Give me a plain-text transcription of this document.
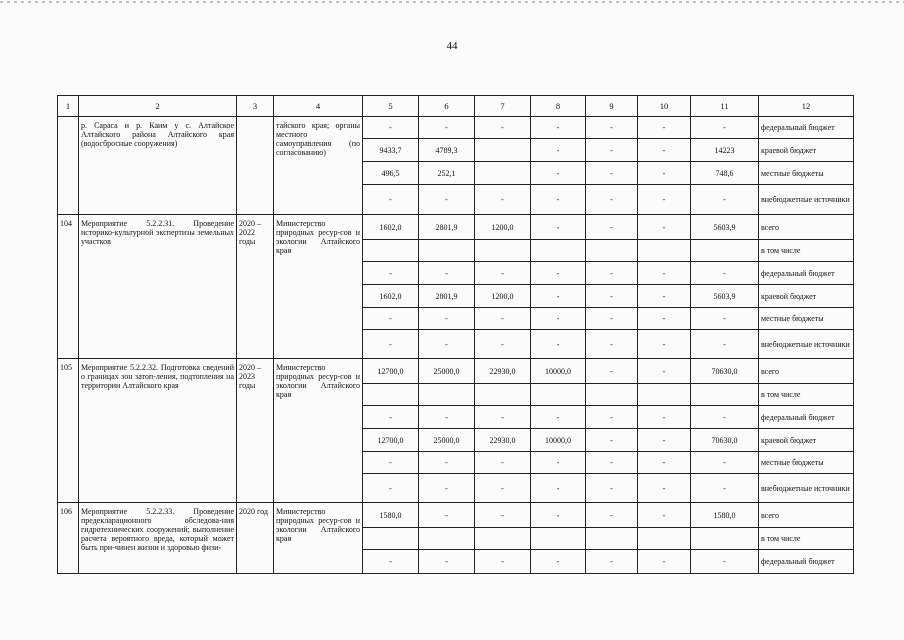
44
1	2	3	4	5	6	7	8	9	10	11	12
	р. Сараса и р. Каим у с. Алтайское Алтайского района Алтайского края (водосбросные сооружения)		тайского края; органы местного самоуправления (по согласованию)	-	-	-	-	-	-	-	федеральный бюджет
				9433,7	4789,3		-	-	-	14223	краевой бюджет
				496,5	252,1		-	-	-	748,6	местные бюджеты
				-	-	-	-	-	-	-	внебюджетные источники
104	Мероприятие 5.2.2.31. Проведение историко-культурной экспертизы земельных участков	2020 – 2022 годы	Министерство природных ресур-сов и экологии Алтайского края	1602,0	2801,9	1200,0	-	-	-	5603,9	всего
											в том числе
				-	-	-	-	-	-	-	федеральный бюджет
				1602,0	2801,9	1200,0	-	-	-	5603,9	краевой бюджет
				-	-	-	-	-	-	-	местные бюджеты
				-	-	-	-	-	-	-	внебюджетные источники
105	Мероприятие 5.2.2.32. Подготовка сведений о границах зон затоп-ления, подтопления на территории Алтайского края	2020 – 2023 годы	Министерство природных ресур-сов и экологии Алтайского края	12700,0	25000,0	22930,0	10000,0	-	-	70630,0	всего
											в том числе
				-	-	-	-	-	-	-	федеральный бюджет
				12700,0	25000,0	22930,0	10000,0	-	-	70630,0	краевой бюджет
				-	-	-	-	-	-	-	местные бюджеты
				-	-	-	-	-	-	-	внебюджетные источники
106	Мероприятие 5.2.2.33. Проведение предекларационного обследова-ния гидротехнических сооружений; выполнение расчета вероятного вреда, который может быть при-чинен жизни и здоровью физи-	2020 год	Министерство природных ресур-сов и экологии Алтайского края	1580,0	-	-	-	-	-	1580,0	всего
											в том числе
				-	-	-	-	-	-	-	федеральный бюджет
